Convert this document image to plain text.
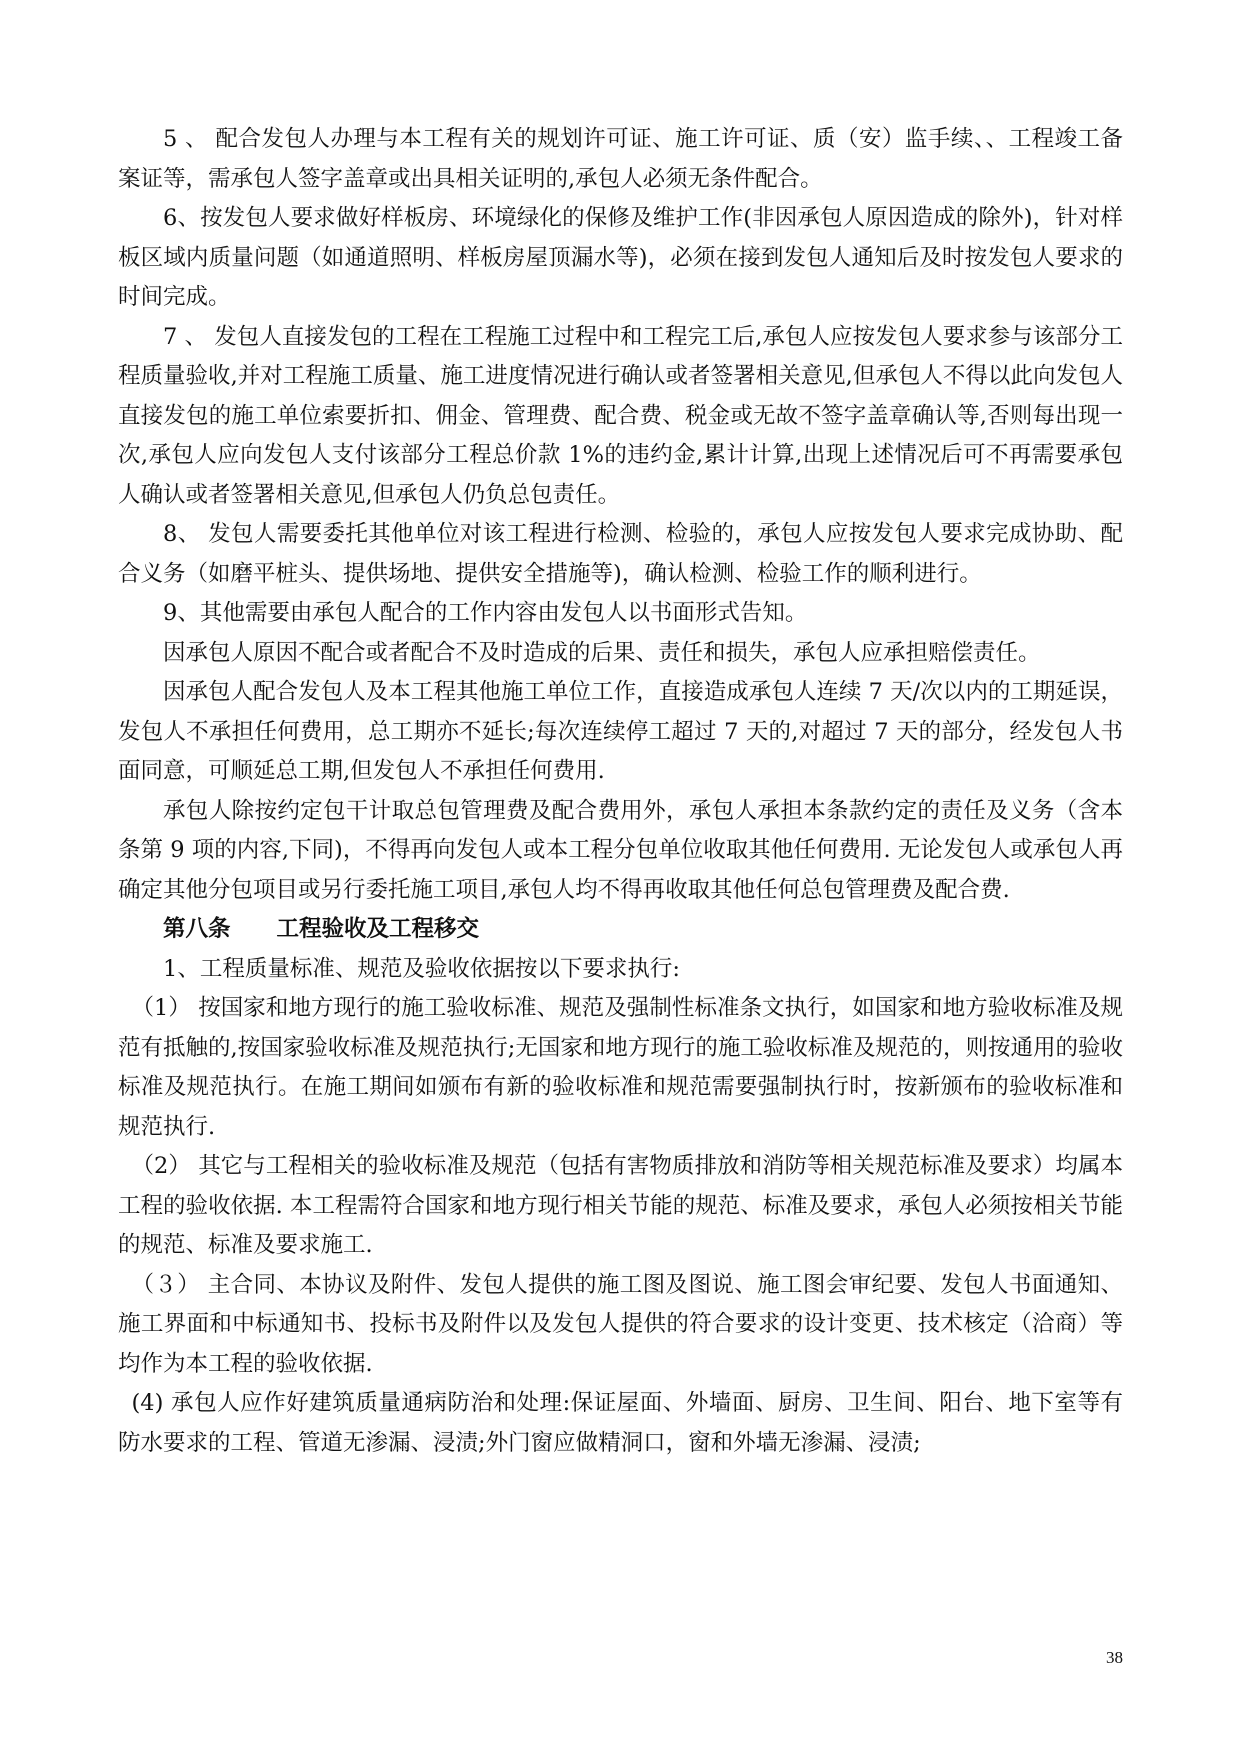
5 、 配合发包人办理与本工程有关的规划许可证、施工许可证、质（安）监手续、、工程竣工备案证等，需承包人签字盖章或出具相关证明的,承包人必须无条件配合。

6、按发包人要求做好样板房、环境绿化的保修及维护工作(非因承包人原因造成的除外)，针对样板区域内质量问题（如通道照明、样板房屋顶漏水等)，必须在接到发包人通知后及时按发包人要求的时间完成。

7 、 发包人直接发包的工程在工程施工过程中和工程完工后,承包人应按发包人要求参与该部分工程质量验收,并对工程施工质量、施工进度情况进行确认或者签署相关意见,但承包人不得以此向发包人直接发包的施工单位索要折扣、佣金、管理费、配合费、税金或无故不签字盖章确认等,否则每出现一次,承包人应向发包人支付该部分工程总价款 1%的违约金,累计计算,出现上述情况后可不再需要承包人确认或者签署相关意见,但承包人仍负总包责任。

8、 发包人需要委托其他单位对该工程进行检测、检验的，承包人应按发包人要求完成协助、配合义务（如磨平桩头、提供场地、提供安全措施等)，确认检测、检验工作的顺利进行。

9、其他需要由承包人配合的工作内容由发包人以书面形式告知。

因承包人原因不配合或者配合不及时造成的后果、责任和损失，承包人应承担赔偿责任。

因承包人配合发包人及本工程其他施工单位工作，直接造成承包人连续 7 天/次以内的工期延误，发包人不承担任何费用，总工期亦不延长;每次连续停工超过 7 天的,对超过 7 天的部分，经发包人书面同意，可顺延总工期,但发包人不承担任何费用.

承包人除按约定包干计取总包管理费及配合费用外，承包人承担本条款约定的责任及义务（含本条第 9 项的内容,下同)，不得再向发包人或本工程分包单位收取其他任何费用. 无论发包人或承包人再确定其他分包项目或另行委托施工项目,承包人均不得再收取其他任何总包管理费及配合费.

第八条 工程验收及工程移交

1、工程质量标准、规范及验收依据按以下要求执行:

（1） 按国家和地方现行的施工验收标准、规范及强制性标准条文执行，如国家和地方验收标准及规范有抵触的,按国家验收标准及规范执行;无国家和地方现行的施工验收标准及规范的，则按通用的验收标准及规范执行。在施工期间如颁布有新的验收标准和规范需要强制执行时，按新颁布的验收标准和规范执行.

（2） 其它与工程相关的验收标准及规范（包括有害物质排放和消防等相关规范标准及要求）均属本工程的验收依据. 本工程需符合国家和地方现行相关节能的规范、标准及要求，承包人必须按相关节能的规范、标准及要求施工.

（３） 主合同、本协议及附件、发包人提供的施工图及图说、施工图会审纪要、发包人书面通知、施工界面和中标通知书、投标书及附件以及发包人提供的符合要求的设计变更、技术核定（洽商）等均作为本工程的验收依据.

(4) 承包人应作好建筑质量通病防治和处理:保证屋面、外墙面、厨房、卫生间、阳台、地下室等有防水要求的工程、管道无渗漏、浸渍;外门窗应做精洞口，窗和外墙无渗漏、浸渍;

38
